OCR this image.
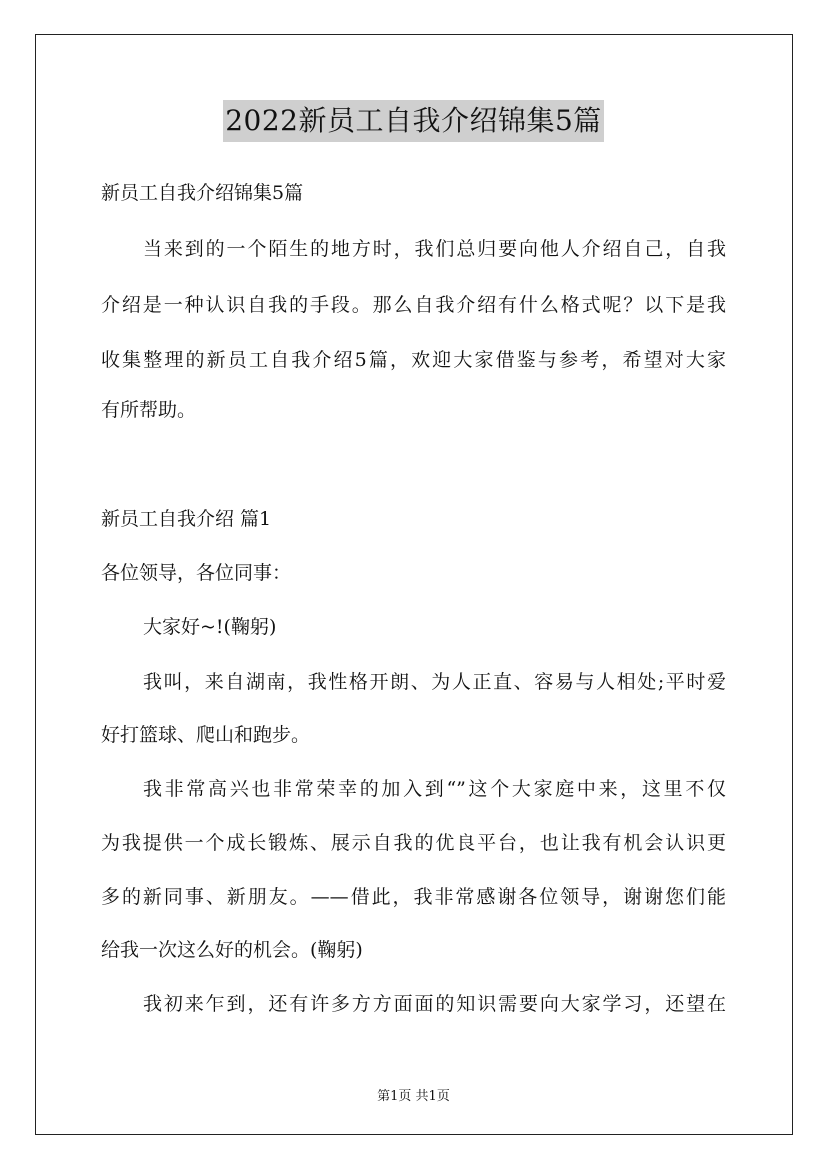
2022新员工自我介绍锦集5篇
新员工自我介绍锦集5篇
当来到的一个陌生的地方时，我们总归要向他人介绍自己，自我
介绍是一种认识自我的手段。那么自我介绍有什么格式呢？以下是我
收集整理的新员工自我介绍5篇，欢迎大家借鉴与参考，希望对大家
有所帮助。
新员工自我介绍 篇1
各位领导，各位同事：
大家好~!(鞠躬)
我叫，来自湖南，我性格开朗、为人正直、容易与人相处;平时爱
好打篮球、爬山和跑步。
我非常高兴也非常荣幸的加入到“”这个大家庭中来，这里不仅
为我提供一个成长锻炼、展示自我的优良平台，也让我有机会认识更
多的新同事、新朋友。——借此，我非常感谢各位领导，谢谢您们能
给我一次这么好的机会。(鞠躬)
我初来乍到，还有许多方方面面的知识需要向大家学习，还望在
第1页 共1页
